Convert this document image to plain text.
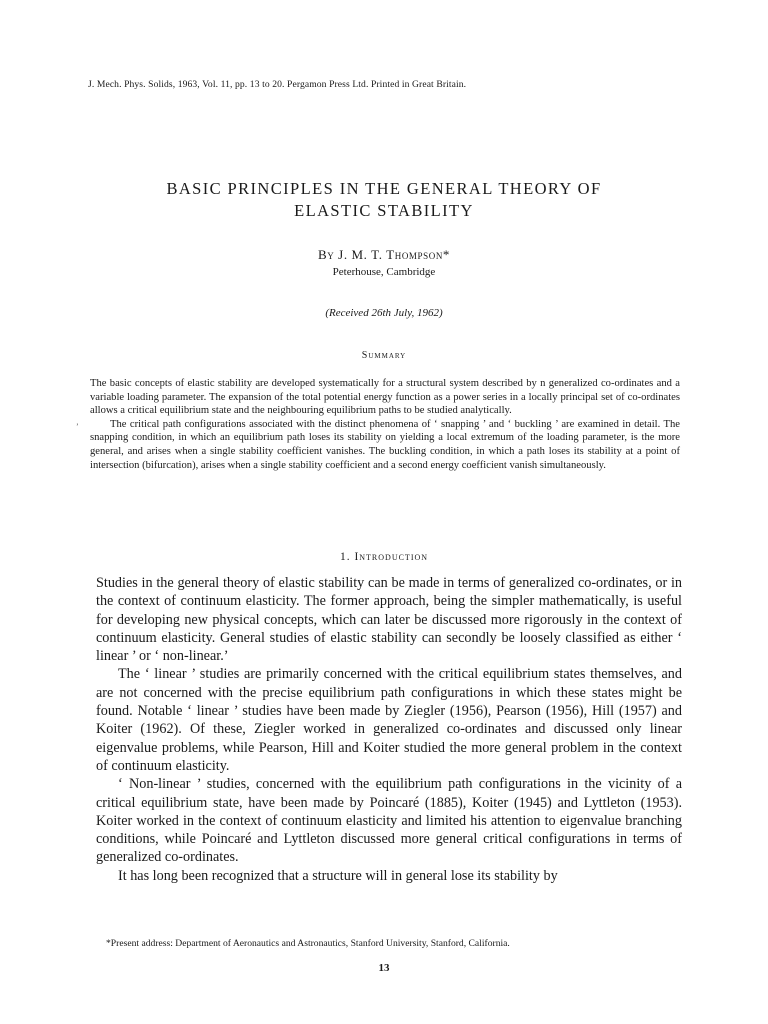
J. Mech. Phys. Solids, 1963, Vol. 11, pp. 13 to 20. Pergamon Press Ltd. Printed in Great Britain.
BASIC PRINCIPLES IN THE GENERAL THEORY OF
ELASTIC STABILITY
By J. M. T. Thompson*
Peterhouse, Cambridge
(Received 26th July, 1962)
Summary

The basic concepts of elastic stability are developed systematically for a structural system described by n generalized co-ordinates and a variable loading parameter. The expansion of the total potential energy function as a power series in a locally principal set of co-ordinates allows a critical equilibrium state and the neighbouring equilibrium paths to be studied analytically.

The critical path configurations associated with the distinct phenomena of ‘ snapping ’ and ‘ buckling ’ are examined in detail. The snapping condition, in which an equilibrium path loses its stability on yielding a local extremum of the loading parameter, is the more general, and arises when a single stability coefficient vanishes. The buckling condition, in which a path loses its stability at a point of intersection (bifurcation), arises when a single stability coefficient and a second energy coefficient vanish simultaneously.

’
1. Introduction

Studies in the general theory of elastic stability can be made in terms of generalized co-ordinates, or in the context of continuum elasticity. The former approach, being the simpler mathematically, is useful for developing new physical concepts, which can later be discussed more rigorously in the context of continuum elasticity. General studies of elastic stability can secondly be loosely classified as either ‘ linear ’ or ‘ non-linear.’

The ‘ linear ’ studies are primarily concerned with the critical equilibrium states themselves, and are not concerned with the precise equilibrium path configurations in which these states might be found. Notable ‘ linear ’ studies have been made by Ziegler (1956), Pearson (1956), Hill (1957) and Koiter (1962). Of these, Ziegler worked in generalized co-ordinates and discussed only linear eigenvalue problems, while Pearson, Hill and Koiter studied the more general problem in the context of continuum elasticity.

‘ Non-linear ’ studies, concerned with the equilibrium path configurations in the vicinity of a critical equilibrium state, have been made by Poincaré (1885), Koiter (1945) and Lyttleton (1953). Koiter worked in the context of continuum elasticity and limited his attention to eigenvalue branching conditions, while Poincaré and Lyttleton discussed more general critical configurations in terms of generalized co-ordinates.

It has long been recognized that a structure will in general lose its stability by

*Present address: Department of Aeronautics and Astronautics, Stanford University, Stanford, California.
13
